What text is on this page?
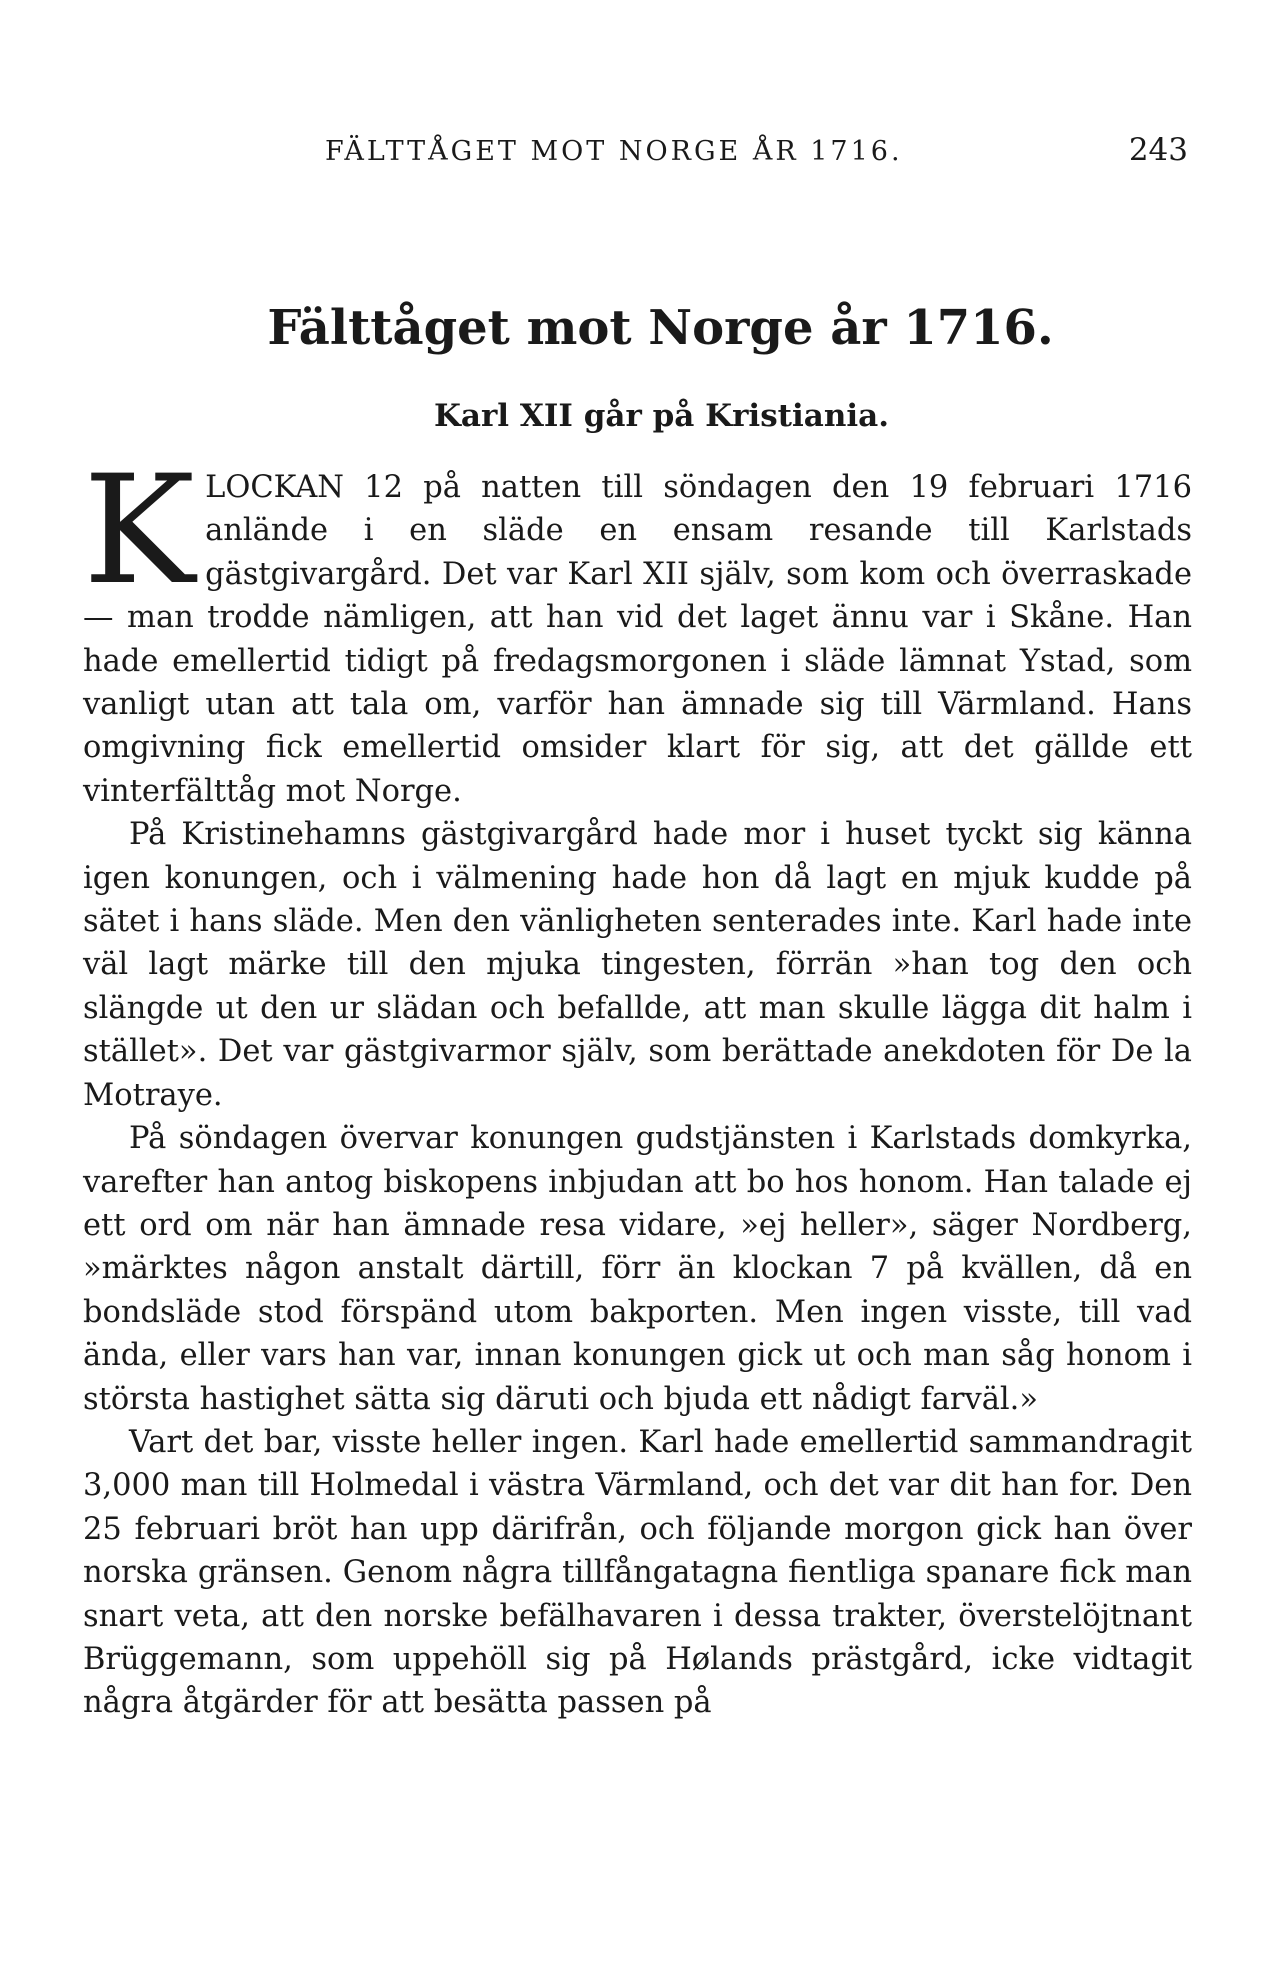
FÄLTTÅGET MOT NORGE ÅR 1716.	243
Fälttåget mot Norge år 1716.
Karl XII går på Kristiania.

KLOCKAN 12 på natten till söndagen den 19 februari 1716 anlände i en släde en ensam resande till Karlstads gästgivargård. Det var Karl XII själv, som kom och överraskade — man trodde nämligen, att han vid det laget ännu var i Skåne. Han hade emellertid tidigt på fredagsmorgonen i släde lämnat Ystad, som vanligt utan att tala om, varför han ämnade sig till Värmland. Hans omgivning fick emellertid omsider klart för sig, att det gällde ett vinterfälttåg mot Norge.

På Kristinehamns gästgivargård hade mor i huset tyckt sig känna igen konungen, och i välmening hade hon då lagt en mjuk kudde på sätet i hans släde. Men den vänligheten senterades inte. Karl hade inte väl lagt märke till den mjuka tingesten, förrän »han tog den och slängde ut den ur slädan och befallde, att man skulle lägga dit halm i stället». Det var gästgivarmor själv, som berättade anekdoten för De la Motraye.

På söndagen övervar konungen gudstjänsten i Karlstads domkyrka, varefter han antog biskopens inbjudan att bo hos honom. Han talade ej ett ord om när han ämnade resa vidare, »ej heller», säger Nordberg, »märktes någon anstalt därtill, förr än klockan 7 på kvällen, då en bondsläde stod förspänd utom bakporten. Men ingen visste, till vad ända, eller vars han var, innan konungen gick ut och man såg honom i största hastighet sätta sig däruti och bjuda ett nådigt farväl.»

Vart det bar, visste heller ingen. Karl hade emellertid sammandragit 3,000 man till Holmedal i västra Värmland, och det var dit han for. Den 25 februari bröt han upp därifrån, och följande morgon gick han över norska gränsen. Genom några tillfångatagna fientliga spanare fick man snart veta, att den norske befälhavaren i dessa trakter, överstelöjtnant Brüggemann, som uppehöll sig på Hølands prästgård, icke vidtagit några åtgärder för att besätta passen på
